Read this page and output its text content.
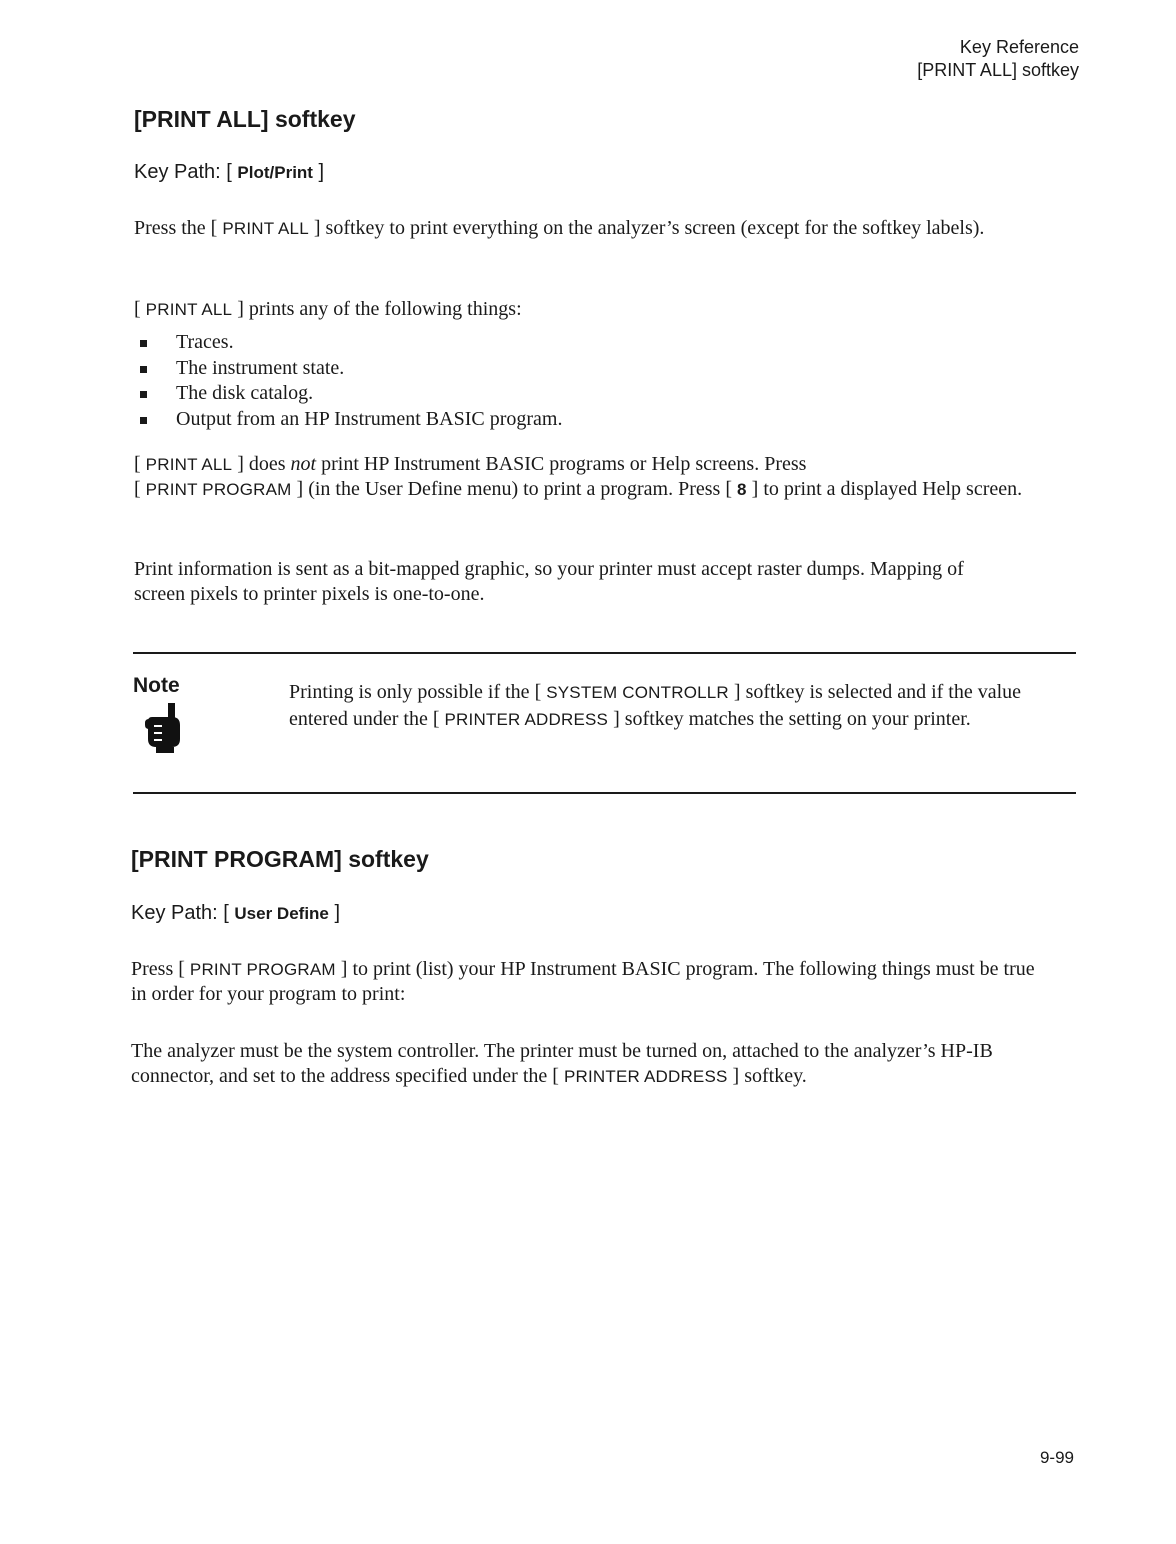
Key Reference
[PRINT ALL] softkey
[PRINT ALL] softkey
Key Path: [ Plot/Print ]
Press the [ PRINT ALL ] softkey to print everything on the analyzer’s screen (except for the softkey labels).
[ PRINT ALL ] prints any of the following things:
Traces.
The instrument state.
The disk catalog.
Output from an HP Instrument BASIC program.
[ PRINT ALL ] does not print HP Instrument BASIC programs or Help screens. Press
[ PRINT PROGRAM ] (in the User Define menu) to print a program. Press [ 8 ] to print a displayed Help screen.
Print information is sent as a bit-mapped graphic, so your printer must accept raster dumps. Mapping of screen pixels to printer pixels is one-to-one.
Note	Printing is only possible if the [ SYSTEM CONTROLLR ] softkey is selected and if the value entered under the [ PRINTER ADDRESS ] softkey matches the setting on your printer.
[PRINT PROGRAM] softkey
Key Path: [ User Define ]
Press [ PRINT PROGRAM ] to print (list) your HP Instrument BASIC program. The following things must be true in order for your program to print:
The analyzer must be the system controller. The printer must be turned on, attached to the analyzer’s HP-IB connector, and set to the address specified under the [ PRINTER ADDRESS ] softkey.
9-99
